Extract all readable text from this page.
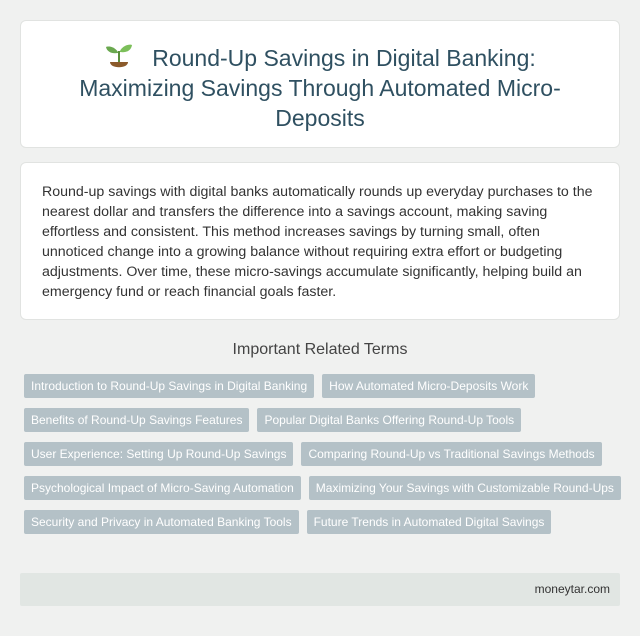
Round-Up Savings in Digital Banking: Maximizing Savings Through Automated Micro-Deposits

Round-up savings with digital banks automatically rounds up everyday purchases to the nearest dollar and transfers the difference into a savings account, making saving effortless and consistent. This method increases savings by turning small, often unnoticed change into a growing balance without requiring extra effort or budgeting adjustments. Over time, these micro-savings accumulate significantly, helping build an emergency fund or reach financial goals faster.

Important Related Terms
Introduction to Round-Up Savings in Digital Banking	How Automated Micro-Deposits Work
Benefits of Round-Up Savings Features	Popular Digital Banks Offering Round-Up Tools
User Experience: Setting Up Round-Up Savings	Comparing Round-Up vs Traditional Savings Methods
Psychological Impact of Micro-Saving Automation	Maximizing Your Savings with Customizable Round-Ups
Security and Privacy in Automated Banking Tools	Future Trends in Automated Digital Savings
moneytar.com
